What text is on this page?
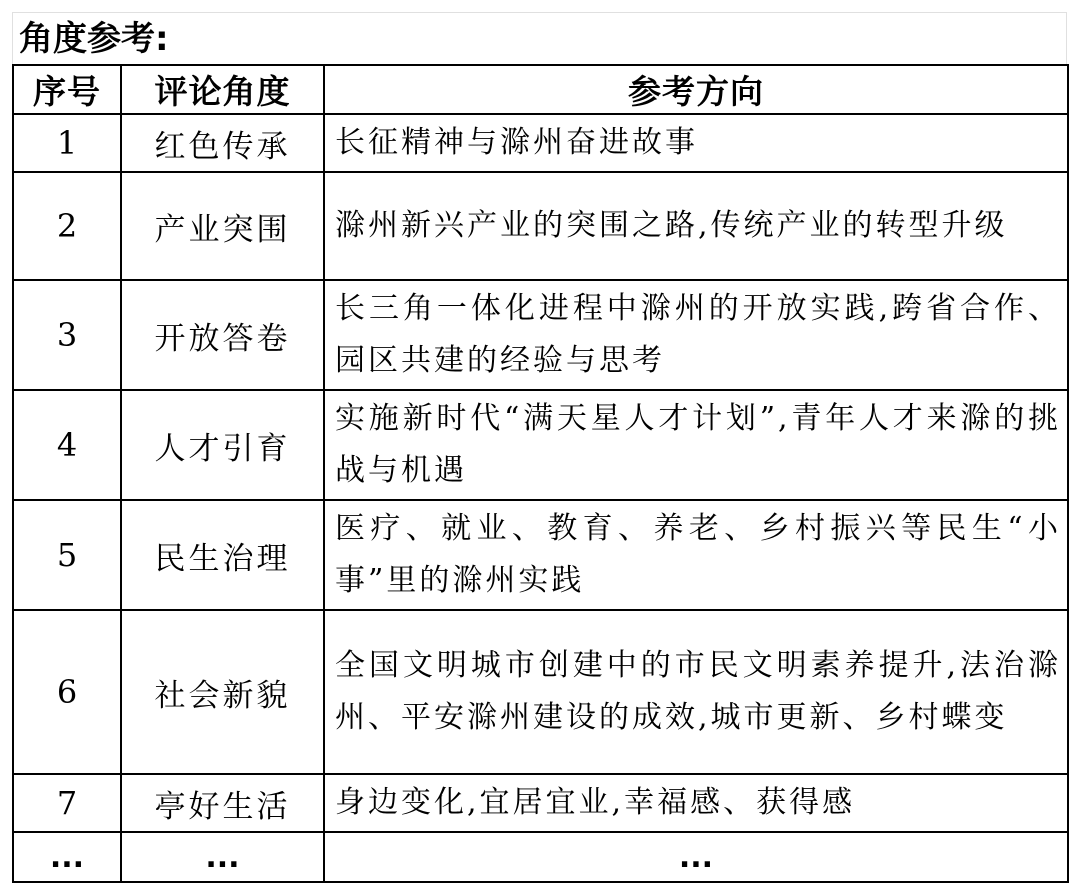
角度参考:
序号	评论角度	参考方向
1	红色传承	长征精神与滁州奋进故事
2	产业突围	滁州新兴产业的突围之路,传统产业的转型升级
3	开放答卷	长三角一体化进程中滁州的开放实践,跨省合作、园区共建的经验与思考
4	人才引育	实施新时代“满天星人才计划”,青年人才来滁的挑战与机遇
5	民生治理	医疗、就业、教育、养老、乡村振兴等民生“小事”里的滁州实践
6	社会新貌	全国文明城市创建中的市民文明素养提升,法治滁州、平安滁州建设的成效,城市更新、乡村蝶变
7	亭好生活	身边变化,宜居宜业,幸福感、获得感
...	...	...
